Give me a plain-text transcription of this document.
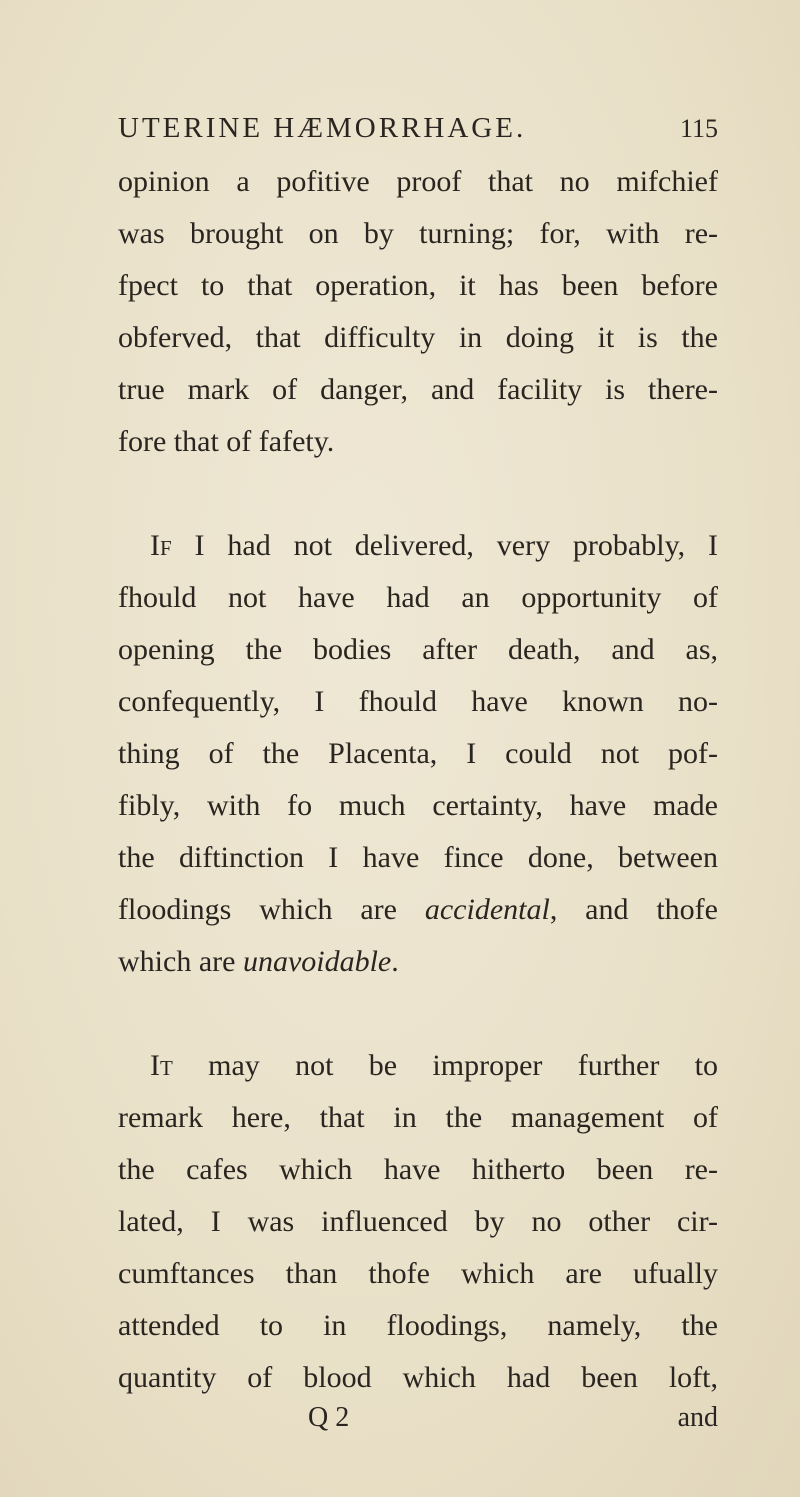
UTERINE HÆMORRHAGE.	115
opinion a pofitive proof that no mifchief
was brought on by turning; for, with re-
fpect to that operation, it has been before
obferved, that difficulty in doing it is the
true mark of danger, and facility is there-
fore that of fafety.
If I had not delivered, very probably, I
fhould not have had an opportunity of
opening the bodies after death, and as,
confequently, I fhould have known no-
thing of the Placenta, I could not pof-
fibly, with fo much certainty, have made
the diftinction I have fince done, between
floodings which are accidental, and thofe
which are unavoidable.
It may not be improper further to
remark here, that in the management of
the cafes which have hitherto been re-
lated, I was influenced by no other cir-
cumftances than thofe which are ufually
attended to in floodings, namely, the
quantity of blood which had been loft,
Q 2	and
